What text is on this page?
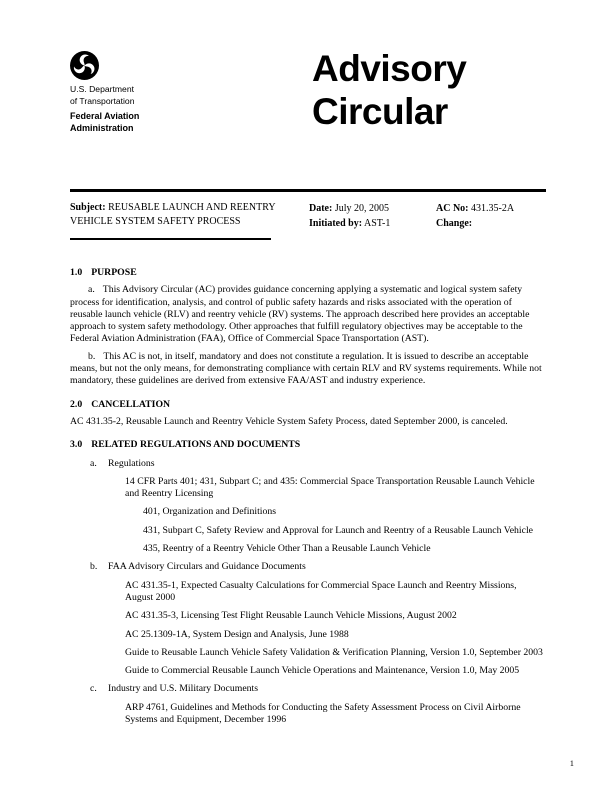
U.S. Department
of Transportation
Federal Aviation
Administration
Advisory
Circular
Subject: REUSABLE LAUNCH AND REENTRY VEHICLE SYSTEM SAFETY PROCESS
Date: July 20, 2005
Initiated by: AST-1
AC No: 431.35-2A
Change:
1.0 PURPOSE
a. This Advisory Circular (AC) provides guidance concerning applying a systematic and logical system safety process for identification, analysis, and control of public safety hazards and risks associated with the operation of reusable launch vehicle (RLV) and reentry vehicle (RV) systems. The approach described here provides an acceptable approach to system safety methodology. Other approaches that fulfill regulatory objectives may be acceptable to the Federal Aviation Administration (FAA), Office of Commercial Space Transportation (AST).
b. This AC is not, in itself, mandatory and does not constitute a regulation. It is issued to describe an acceptable means, but not the only means, for demonstrating compliance with certain RLV and RV systems requirements. While not mandatory, these guidelines are derived from extensive FAA/AST and industry experience.
2.0 CANCELLATION
AC 431.35-2, Reusable Launch and Reentry Vehicle System Safety Process, dated September 2000, is canceled.
3.0 RELATED REGULATIONS AND DOCUMENTS
a. Regulations
14 CFR Parts 401; 431, Subpart C; and 435: Commercial Space Transportation Reusable Launch Vehicle and Reentry Licensing
401, Organization and Definitions
431, Subpart C, Safety Review and Approval for Launch and Reentry of a Reusable Launch Vehicle
435, Reentry of a Reentry Vehicle Other Than a Reusable Launch Vehicle
b. FAA Advisory Circulars and Guidance Documents
AC 431.35-1, Expected Casualty Calculations for Commercial Space Launch and Reentry Missions, August 2000
AC 431.35-3, Licensing Test Flight Reusable Launch Vehicle Missions, August 2002
AC 25.1309-1A, System Design and Analysis, June 1988
Guide to Reusable Launch Vehicle Safety Validation & Verification Planning, Version 1.0, September 2003
Guide to Commercial Reusable Launch Vehicle Operations and Maintenance, Version 1.0, May 2005
c. Industry and U.S. Military Documents
ARP 4761, Guidelines and Methods for Conducting the Safety Assessment Process on Civil Airborne Systems and Equipment, December 1996
1
